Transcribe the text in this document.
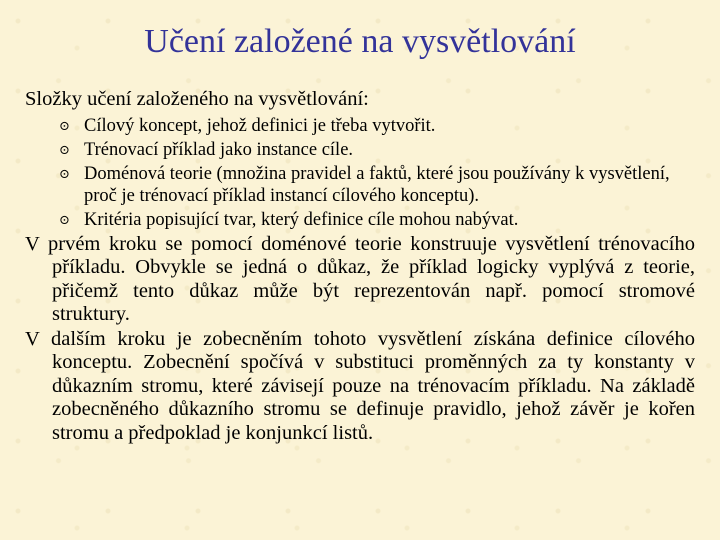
Učení založené na vysvětlování
Složky učení založeného na vysvětlování:
⊙ Cílový koncept, jehož definici je třeba vytvořit.
⊙ Trénovací příklad jako instance cíle.
⊙ Doménová teorie (množina pravidel a faktů, které jsou používány k vysvětlení, proč je trénovací příklad instancí cílového konceptu).
⊙ Kritéria popisující tvar, který definice cíle mohou nabývat.

V prvém kroku se pomocí doménové teorie konstruuje vysvětlení trénovacího příkladu. Obvykle se jedná o důkaz, že příklad logicky vyplývá z teorie, přičemž tento důkaz může být reprezentován např. pomocí stromové struktury.

V dalším kroku je zobecněním tohoto vysvětlení získána definice cílového konceptu. Zobecnění spočívá v substituci proměnných za ty konstanty v důkazním stromu, které závisejí pouze na trénovacím příkladu. Na základě zobecněného důkazního stromu se definuje pravidlo, jehož závěr je kořen stromu a předpoklad je konjunkcí listů.
